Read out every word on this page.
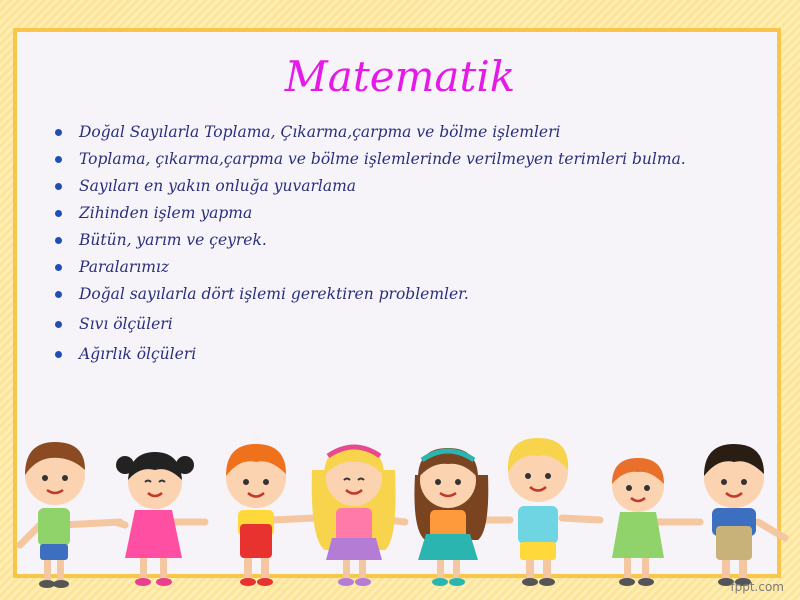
Matematik
Doğal Sayılarla Toplama, Çıkarma,çarpma ve bölme işlemleri
Toplama, çıkarma,çarpma ve bölme işlemlerinde verilmeyen terimleri bulma.
Sayıları en yakın onluğa yuvarlama
Zihinden işlem yapma
Bütün, yarım ve çeyrek.
Paralarımız
Doğal sayılarla dört işlemi gerektiren problemler.
Sıvı ölçüleri
Ağırlık ölçüleri
fppt.com
